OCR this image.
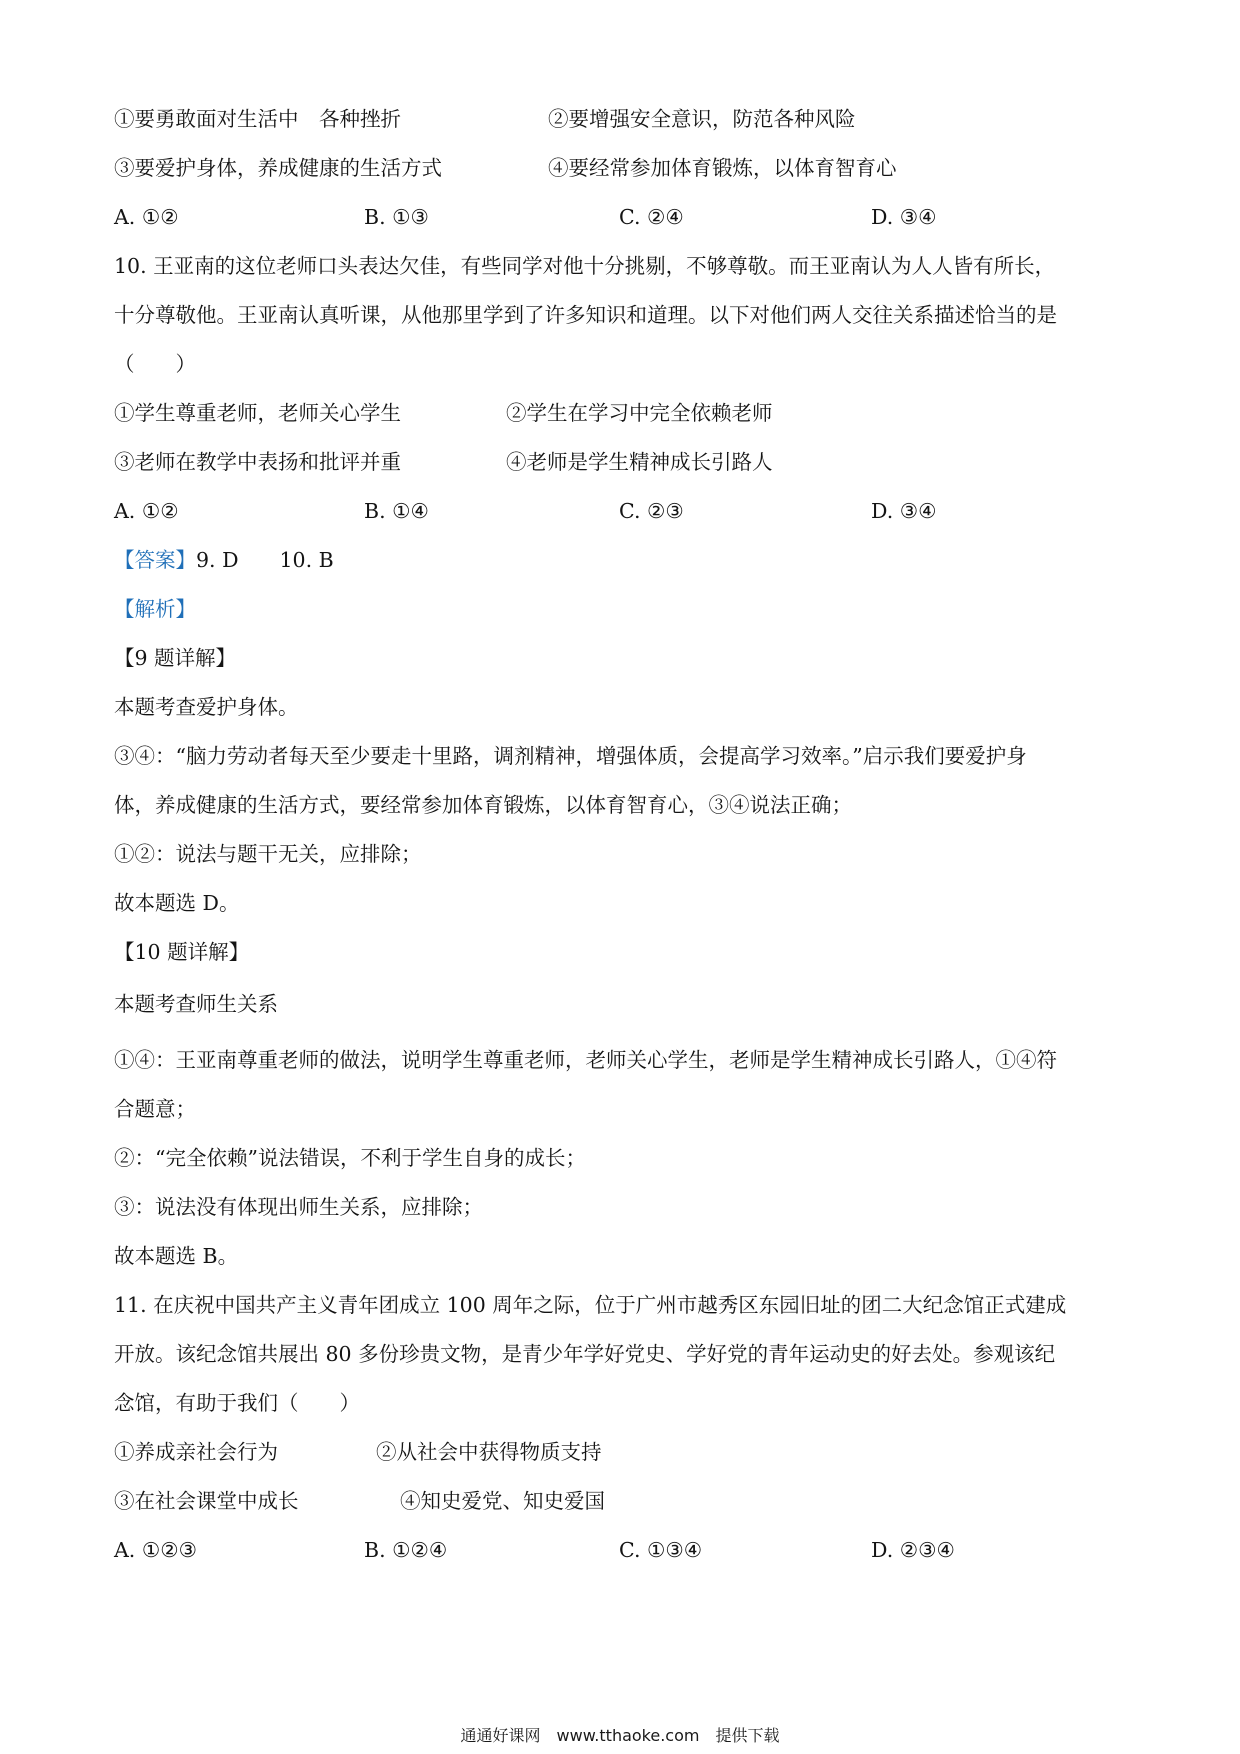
①要勇敢面对生活中　各种挫折	②要增强安全意识，防范各种风险
③要爱护身体，养成健康的生活方式	④要经常参加体育锻炼，以体育智育心
A. ①②	B. ①③	C. ②④	D. ③④
10. 王亚南的这位老师口头表达欠佳，有些同学对他十分挑剔，不够尊敬。而王亚南认为人人皆有所长，
十分尊敬他。王亚南认真听课，从他那里学到了许多知识和道理。以下对他们两人交往关系描述恰当的是
（　　）
①学生尊重老师，老师关心学生	②学生在学习中完全依赖老师
③老师在教学中表扬和批评并重	④老师是学生精神成长引路人
A. ①②	B. ①④	C. ②③	D. ③④
【答案】9. D　　10. B
【解析】
【9 题详解】
本题考查爱护身体。
③④：“脑力劳动者每天至少要走十里路，调剂精神，增强体质，会提高学习效率。”启示我们要爱护身
体，养成健康的生活方式，要经常参加体育锻炼，以体育智育心，③④说法正确；
①②：说法与题干无关，应排除；
故本题选 D。
【10 题详解】
本题考查师生关系
①④：王亚南尊重老师的做法，说明学生尊重老师，老师关心学生，老师是学生精神成长引路人，①④符
合题意；
②：“完全依赖”说法错误，不利于学生自身的成长；
③：说法没有体现出师生关系，应排除；
故本题选 B。
11. 在庆祝中国共产主义青年团成立 100 周年之际，位于广州市越秀区东园旧址的团二大纪念馆正式建成
开放。该纪念馆共展出 80 多份珍贵文物，是青少年学好党史、学好党的青年运动史的好去处。参观该纪
念馆，有助于我们（　　）
①养成亲社会行为	②从社会中获得物质支持
③在社会课堂中成长	④知史爱党、知史爱国
A. ①②③	B. ①②④	C. ①③④	D. ②③④
通通好课网　www.tthaoke.com　提供下载
